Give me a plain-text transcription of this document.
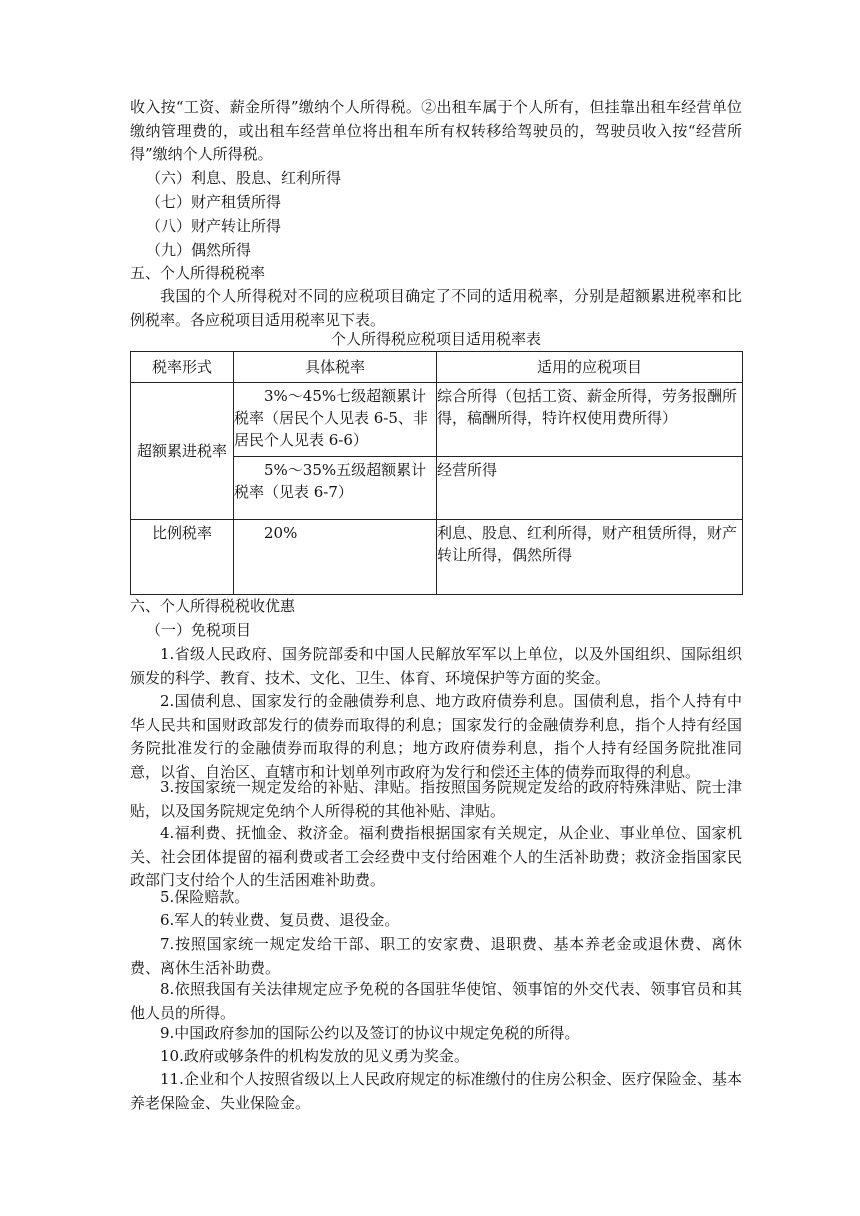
收入按“工资、薪金所得”缴纳个人所得税。②出租车属于个人所有，但挂靠出租车经营单位缴纳管理费的，或出租车经营单位将出租车所有权转移给驾驶员的，驾驶员收入按“经营所得”缴纳个人所得税。

（六）利息、股息、红利所得

（七）财产租赁所得

（八）财产转让所得

（九）偶然所得

五、个人所得税税率

我国的个人所得税对不同的应税项目确定了不同的适用税率，分别是超额累进税率和比例税率。各应税项目适用税率见下表。

个人所得税应税项目适用税率表
税率形式	具体税率	适用的应税项目
超额累进税率	3%～45%七级超额累计税率（居民个人见表 6-5、非居民个人见表 6-6）	综合所得（包括工资、薪金所得，劳务报酬所得，稿酬所得，特许权使用费所得）
	5%～35%五级超额累计税率（见表 6-7）	经营所得
比例税率	20%	利息、股息、红利所得，财产租赁所得，财产转让所得，偶然所得

六、个人所得税税收优惠

（一）免税项目

1.省级人民政府、国务院部委和中国人民解放军军以上单位，以及外国组织、国际组织颁发的科学、教育、技术、文化、卫生、体育、环境保护等方面的奖金。

2.国债利息、国家发行的金融债券利息、地方政府债券利息。国债利息，指个人持有中华人民共和国财政部发行的债券而取得的利息；国家发行的金融债券利息，指个人持有经国务院批准发行的金融债券而取得的利息；地方政府债券利息，指个人持有经国务院批准同意，以省、自治区、直辖市和计划单列市政府为发行和偿还主体的债券而取得的利息。

3.按国家统一规定发给的补贴、津贴。指按照国务院规定发给的政府特殊津贴、院士津贴，以及国务院规定免纳个人所得税的其他补贴、津贴。

4.福利费、抚恤金、救济金。福利费指根据国家有关规定，从企业、事业单位、国家机关、社会团体提留的福利费或者工会经费中支付给困难个人的生活补助费；救济金指国家民政部门支付给个人的生活困难补助费。

5.保险赔款。

6.军人的转业费、复员费、退役金。

7.按照国家统一规定发给干部、职工的安家费、退职费、基本养老金或退休费、离休费、离休生活补助费。

8.依照我国有关法律规定应予免税的各国驻华使馆、领事馆的外交代表、领事官员和其他人员的所得。

9.中国政府参加的国际公约以及签订的协议中规定免税的所得。

10.政府或够条件的机构发放的见义勇为奖金。

11.企业和个人按照省级以上人民政府规定的标准缴付的住房公积金、医疗保险金、基本养老保险金、失业保险金。
